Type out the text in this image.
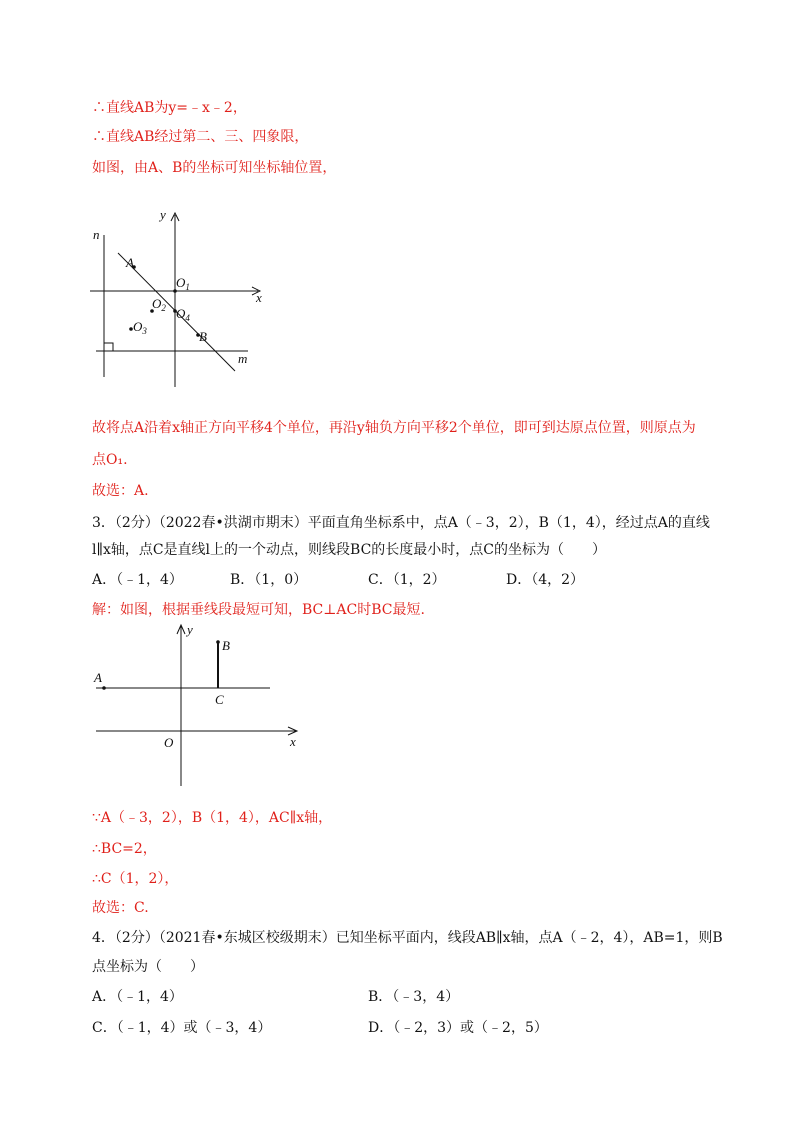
∴直线AB为y=﹣x﹣2，
∴直线AB经过第二、三、四象限，
如图，由A、B的坐标可知坐标轴位置，
y
x
n
m
A
B
$O_1$
$O_2$
$O_3$
$O_4$
故将点A沿着x轴正方向平移4个单位，再沿y轴负方向平移2个单位，即可到达原点位置，则原点为
点O₁.
故选：A.
3．（2分）（2022春•洪湖市期末）平面直角坐标系中，点A（﹣3，2），B（1，4），经过点A的直线
l∥x轴，点C是直线l上的一个动点，则线段BC的长度最小时，点C的坐标为（　　）
A．（﹣1，4）	B．（1，0）	C．（1，2）	D．（4，2）
解：如图，根据垂线段最短可知，BC⊥AC时BC最短.
y
x
A
B
C
O
∵A（﹣3，2），B（1，4），AC∥x轴，
∴BC=2，
∴C（1，2），
故选：C.
4．（2分）（2021春•东城区校级期末）已知坐标平面内，线段AB∥x轴，点A（﹣2，4），AB=1，则B
点坐标为（　　）
A．（﹣1，4）	B．（﹣3，4）
C．（﹣1，4）或（﹣3，4）	D．（﹣2，3）或（﹣2，5）
